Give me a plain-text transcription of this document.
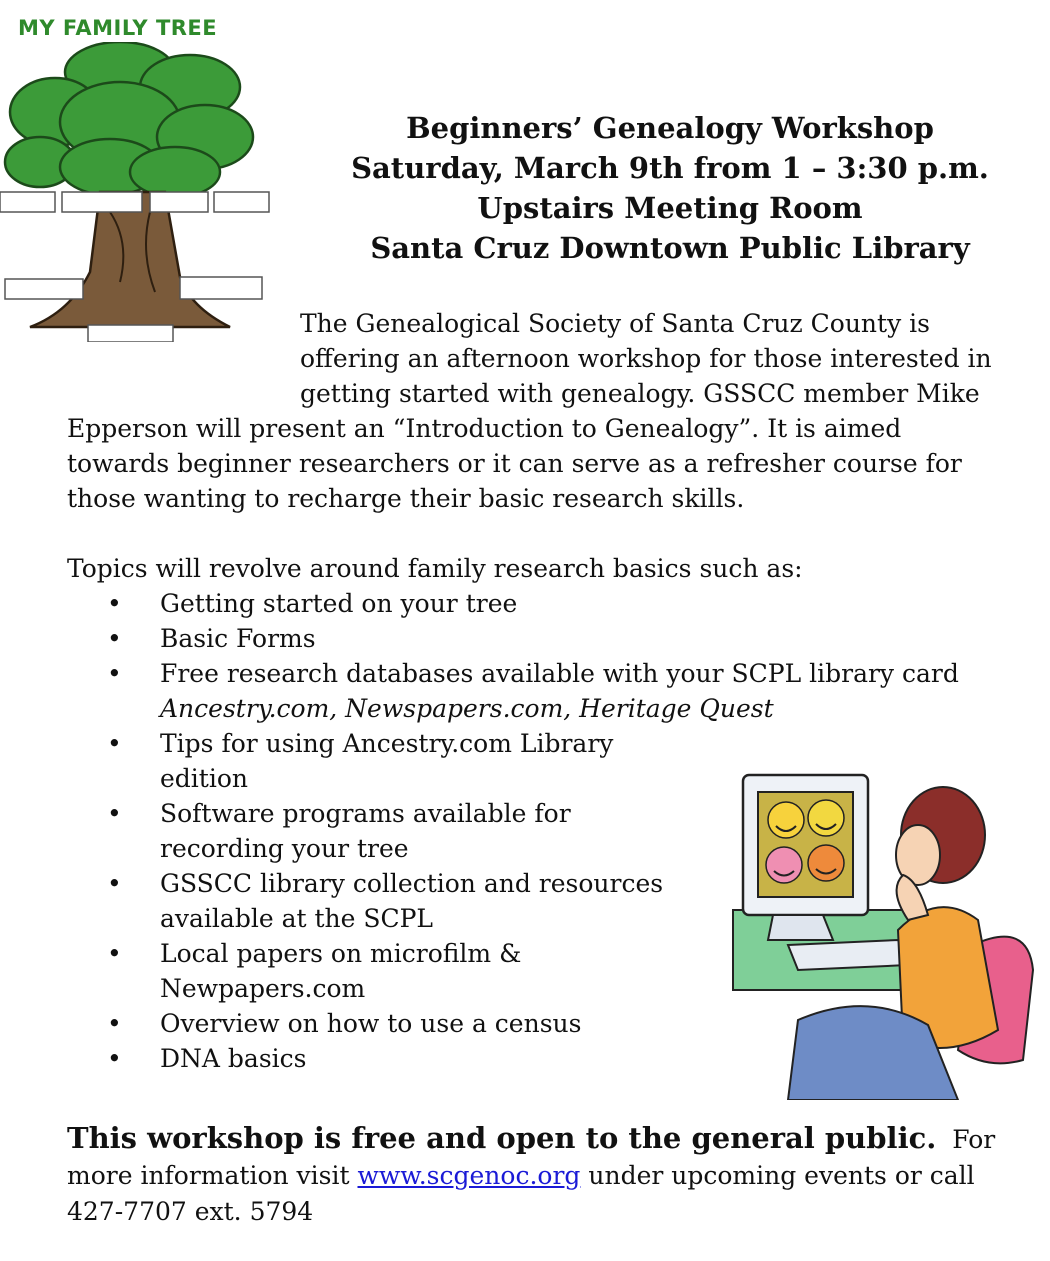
MY FAMILY TREE

Beginners’ Genealogy Workshop

Saturday, March 9th from 1 – 3:30 p.m.

Upstairs Meeting Room

Santa Cruz Downtown Public Library

The Genealogical Society of Santa Cruz County is

offering an afternoon workshop for those interested in

getting started with genealogy. GSSCC member Mike

Epperson will present an “Introduction to Genealogy”. It is aimed

towards beginner researchers or it can serve as a refresher course for

those wanting to recharge their basic research skills.

Topics will revolve around family research basics such as:

• Getting started on your tree
• Basic Forms
• Free research databases available with your SCPL library card
Ancestry.com, Newspapers.com, Heritage Quest
• Tips for using Ancestry.com Library
edition
• Software programs available for
recording your tree
• GSSCC library collection and resources
available at the SCPL
• Local papers on microfilm &
Newpapers.com
• Overview on how to use a census
• DNA basics

This workshop is free and open to the general public. For more information visit www.scgenoc.org under upcoming events or call 427-7707 ext. 5794
